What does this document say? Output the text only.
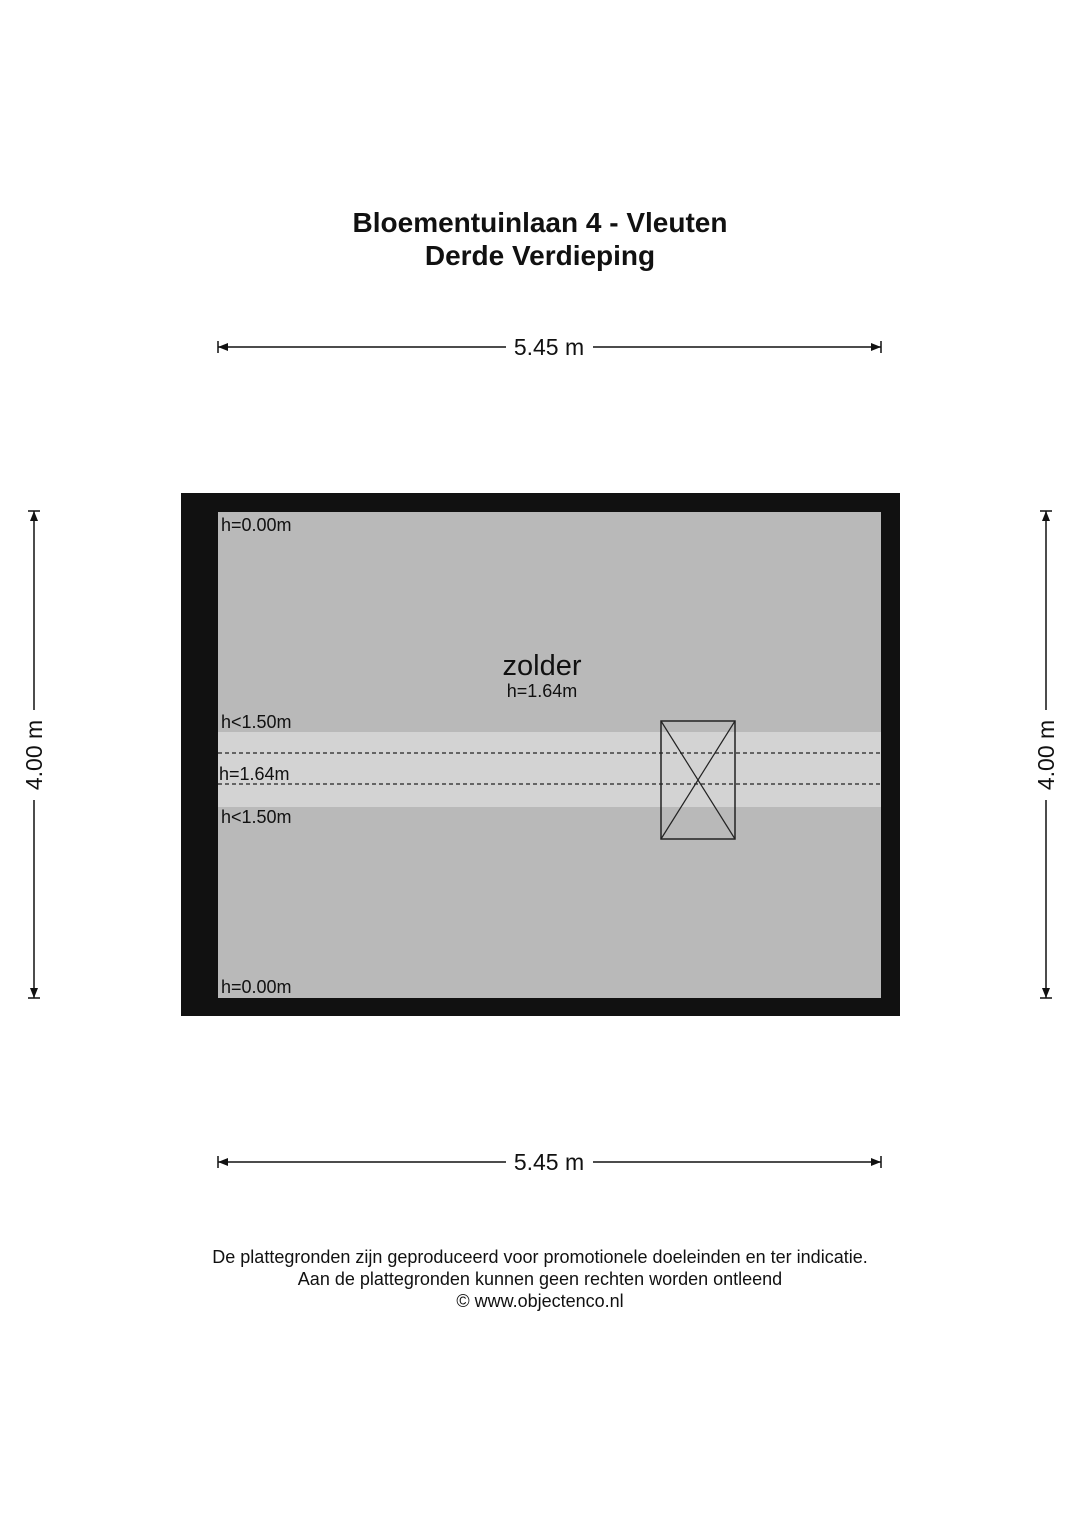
Bloementuinlaan 4 - Vleuten
Derde Verdieping
5.45 m
5.45 m
4.00 m	4.00 m
zolder
h=1.64m
h=0.00m
h<1.50m
h=1.64m
h<1.50m
h=0.00m
De plattegronden zijn geproduceerd voor promotionele doeleinden en ter indicatie.
Aan de plattegronden kunnen geen rechten worden ontleend
© www.objectenco.nl
